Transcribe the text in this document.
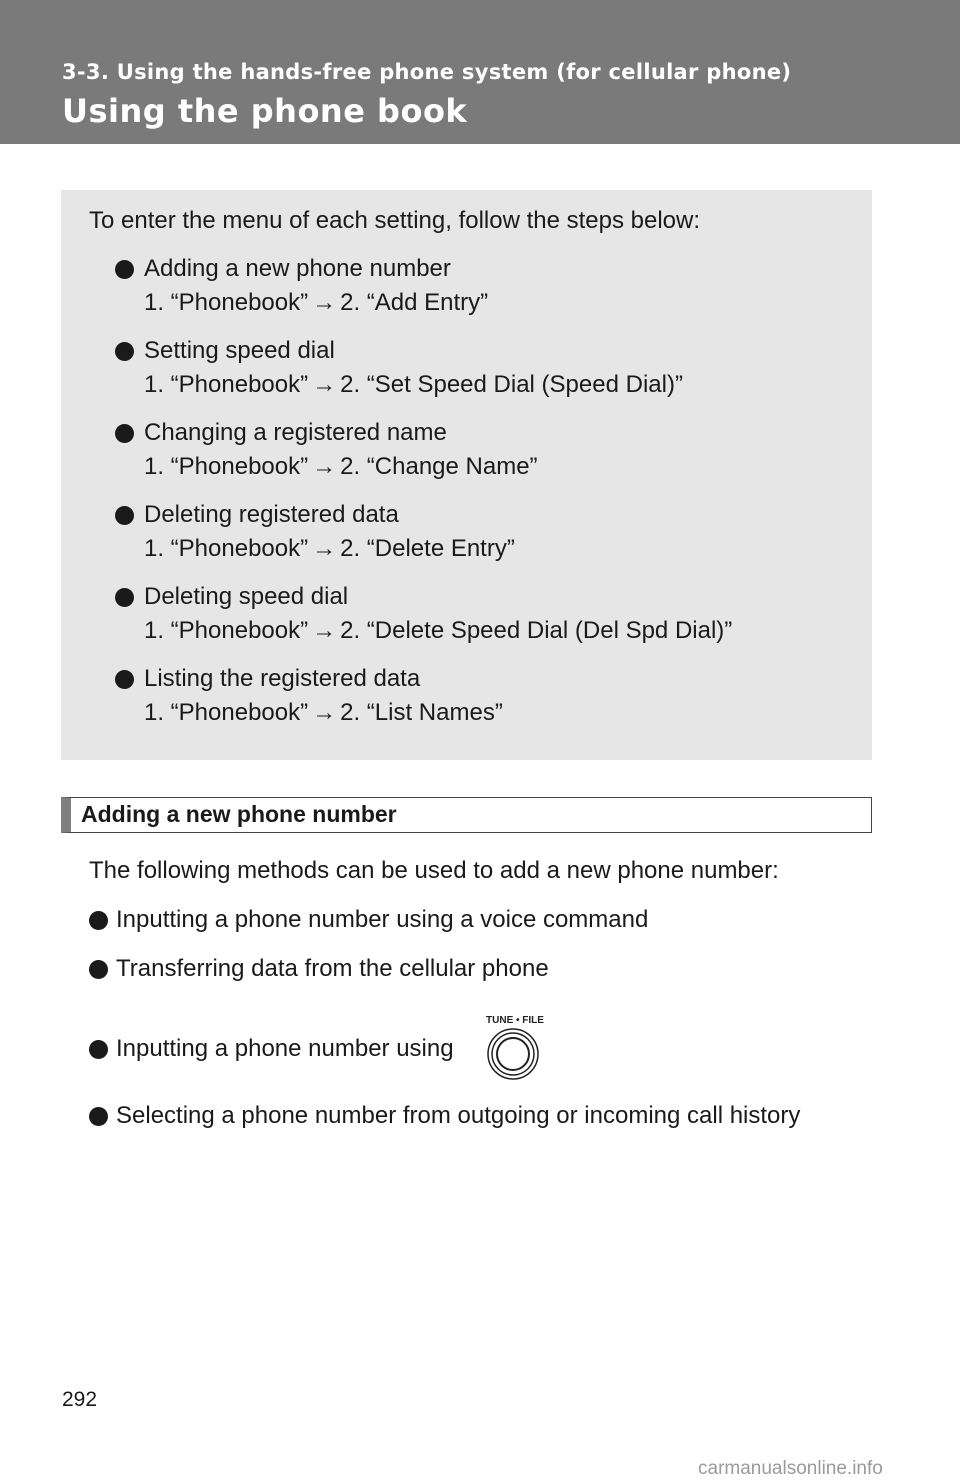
3-3. Using the hands-free phone system (for cellular phone)
Using the phone book
To enter the menu of each setting, follow the steps below:
Adding a new phone number
1. “Phonebook” → 2. “Add Entry”
Setting speed dial
1. “Phonebook” → 2. “Set Speed Dial (Speed Dial)”
Changing a registered name
1. “Phonebook” → 2. “Change Name”
Deleting registered data
1. “Phonebook” → 2. “Delete Entry”
Deleting speed dial
1. “Phonebook” → 2. “Delete Speed Dial (Del Spd Dial)”
Listing the registered data
1. “Phonebook” → 2. “List Names”
Adding a new phone number
The following methods can be used to add a new phone number:
Inputting a phone number using a voice command
Transferring data from the cellular phone
Inputting a phone number using
TUNE • FILE
Selecting a phone number from outgoing or incoming call history
292
carmanualsonline.info
